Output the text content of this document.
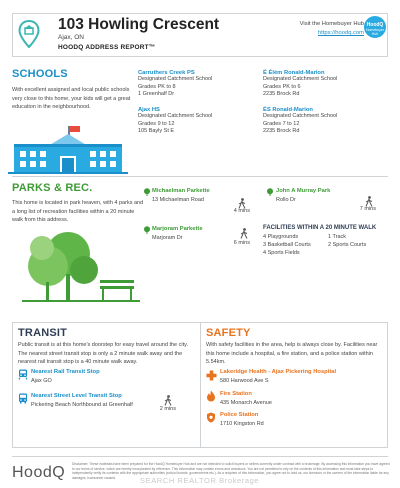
103 Howling Crescent
Ajax, ON
HOODQ ADDRESS REPORT™
Visit the Homebuyer Hub
https://hoodq.com
HoodQ
Homebuyer Hub
SCHOOLS
With excellent assigned and local public schools very close to this home, your kids will get a great education in the neighbourhood.
Carruthers Creek PS
Designated Catchment School
Grades PK to 8
1 Greenhalf Dr
É Élém Ronald-Marion
Designated Catchment School
Grades PK to 6
2235 Brock Rd
Ajax HS
Designated Catchment School
Grades 9 to 12
105 Bayly St E
ÉS Ronald-Marion
Designated Catchment School
Grades 7 to 12
2235 Brock Rd
PARKS & REC.
This home is located in park heaven, with 4 parks and a long list of recreation facilities within a 20 minute walk from this address.
Michaelman Parkette
13 Michaelman Road
4 mins
John A Murray Park
Rollo Dr
7 mins
Marjoram Parkette
Marjoram Dr
6 mins
FACILITIES WITHIN A 20 MINUTE WALK
4 Playgrounds	1 Track
3 Basketball Courts	2 Sports Courts
4 Sports Fields
TRANSIT
Public transit is at this home's doorstep for easy travel around the city. The nearest street transit stop is only a 2 minute walk away and the nearest rail transit stop is a 40 minute walk away.
Nearest Rail Transit Stop
Ajax GO
Nearest Street Level Transit Stop
Pickering Beach Northbound at Greenhalf
2 mins
SAFETY
With safety facilities in the area, help is always close by. Facilities near this home include a hospital, a fire station, and a police station within 5.54km.
Lakeridge Health - Ajax Pickering Hospital
580 Harwood Ave S
Fire Station
435 Monarch Avenue
Police Station
1710 Kingston Rd
HoodQ Disclaimer: These materials have been prepared for the HoodQ Homebuyer Hub and are not intended to solicit buyers or sellers currently under contract with a brokerage. By accessing this information you have agreed to our terms of service, which are hereby incorporated by reference. This information may contain errors and omissions. You are not permitted to rely on the contents of this information and must take steps to independently verify its contents with the appropriate authorities (school boards, governments etc.). As a recipient of this information, you agree not to hold us, our licensors or the owners of the information liable for any damages, howsoever caused.	SEARCH REALTOR Brokerage
